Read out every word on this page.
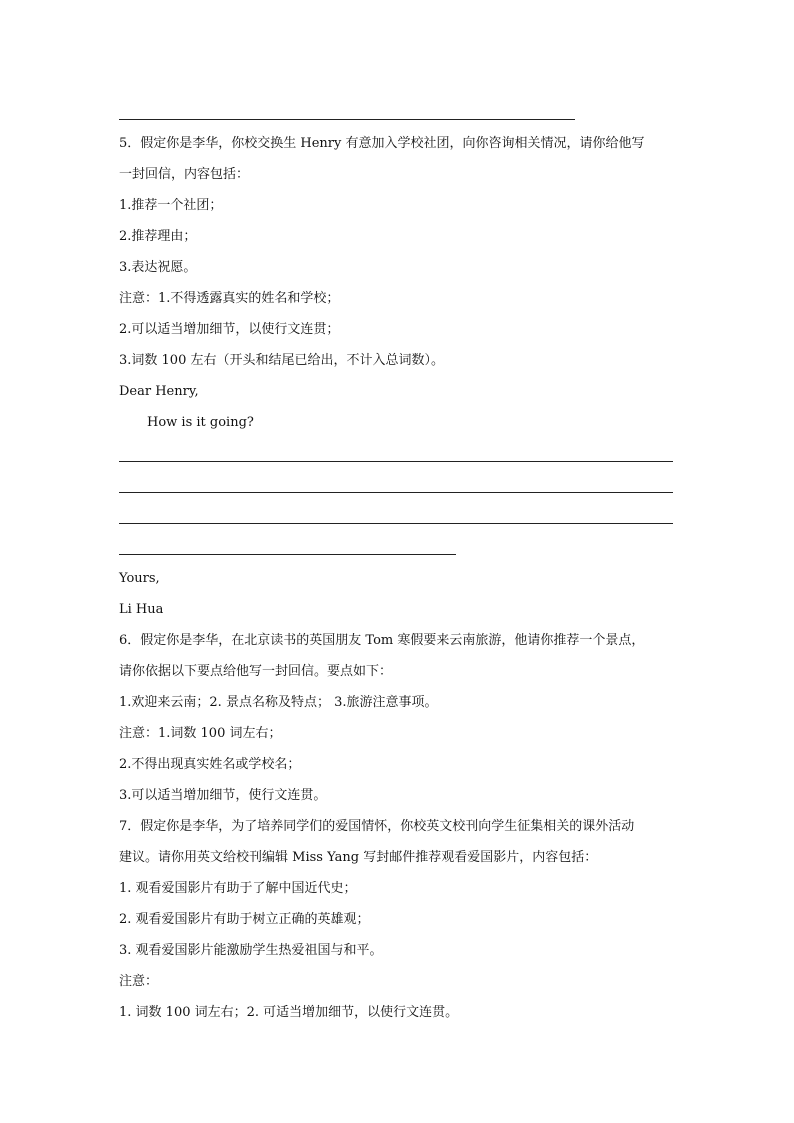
5．假定你是李华，你校交换生 Henry 有意加入学校社团，向你咨询相关情况，请你给他写
一封回信，内容包括：
1.推荐一个社团；
2.推荐理由；
3.表达祝愿。
注意：1.不得透露真实的姓名和学校；
2.可以适当增加细节，以使行文连贯；
3.词数 100 左右（开头和结尾已给出，不计入总词数）。
Dear Henry,
How is it going?
Yours,
Li Hua
6．假定你是李华，在北京读书的英国朋友 Tom 寒假要来云南旅游，他请你推荐一个景点，
请你依据以下要点给他写一封回信。要点如下：
1.欢迎来云南；2. 景点名称及特点； 3.旅游注意事项。
注意：1.词数 100 词左右；
2.不得出现真实姓名或学校名；
3.可以适当增加细节，使行文连贯。
7．假定你是李华，为了培养同学们的爱国情怀，你校英文校刊向学生征集相关的课外活动
建议。请你用英文给校刊编辑 Miss Yang 写封邮件推荐观看爱国影片，内容包括：
1. 观看爱国影片有助于了解中国近代史；
2. 观看爱国影片有助于树立正确的英雄观；
3. 观看爱国影片能激励学生热爱祖国与和平。
注意：
1. 词数 100 词左右；2. 可适当增加细节，以使行文连贯。
